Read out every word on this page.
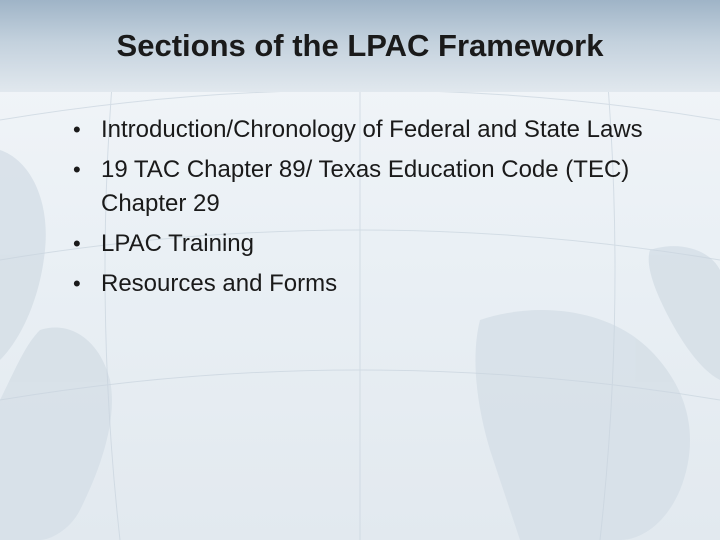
Sections of the LPAC Framework
• Introduction/Chronology of Federal and State Laws
• 19 TAC Chapter 89/ Texas Education Code (TEC) Chapter 29
• LPAC Training
• Resources and Forms
